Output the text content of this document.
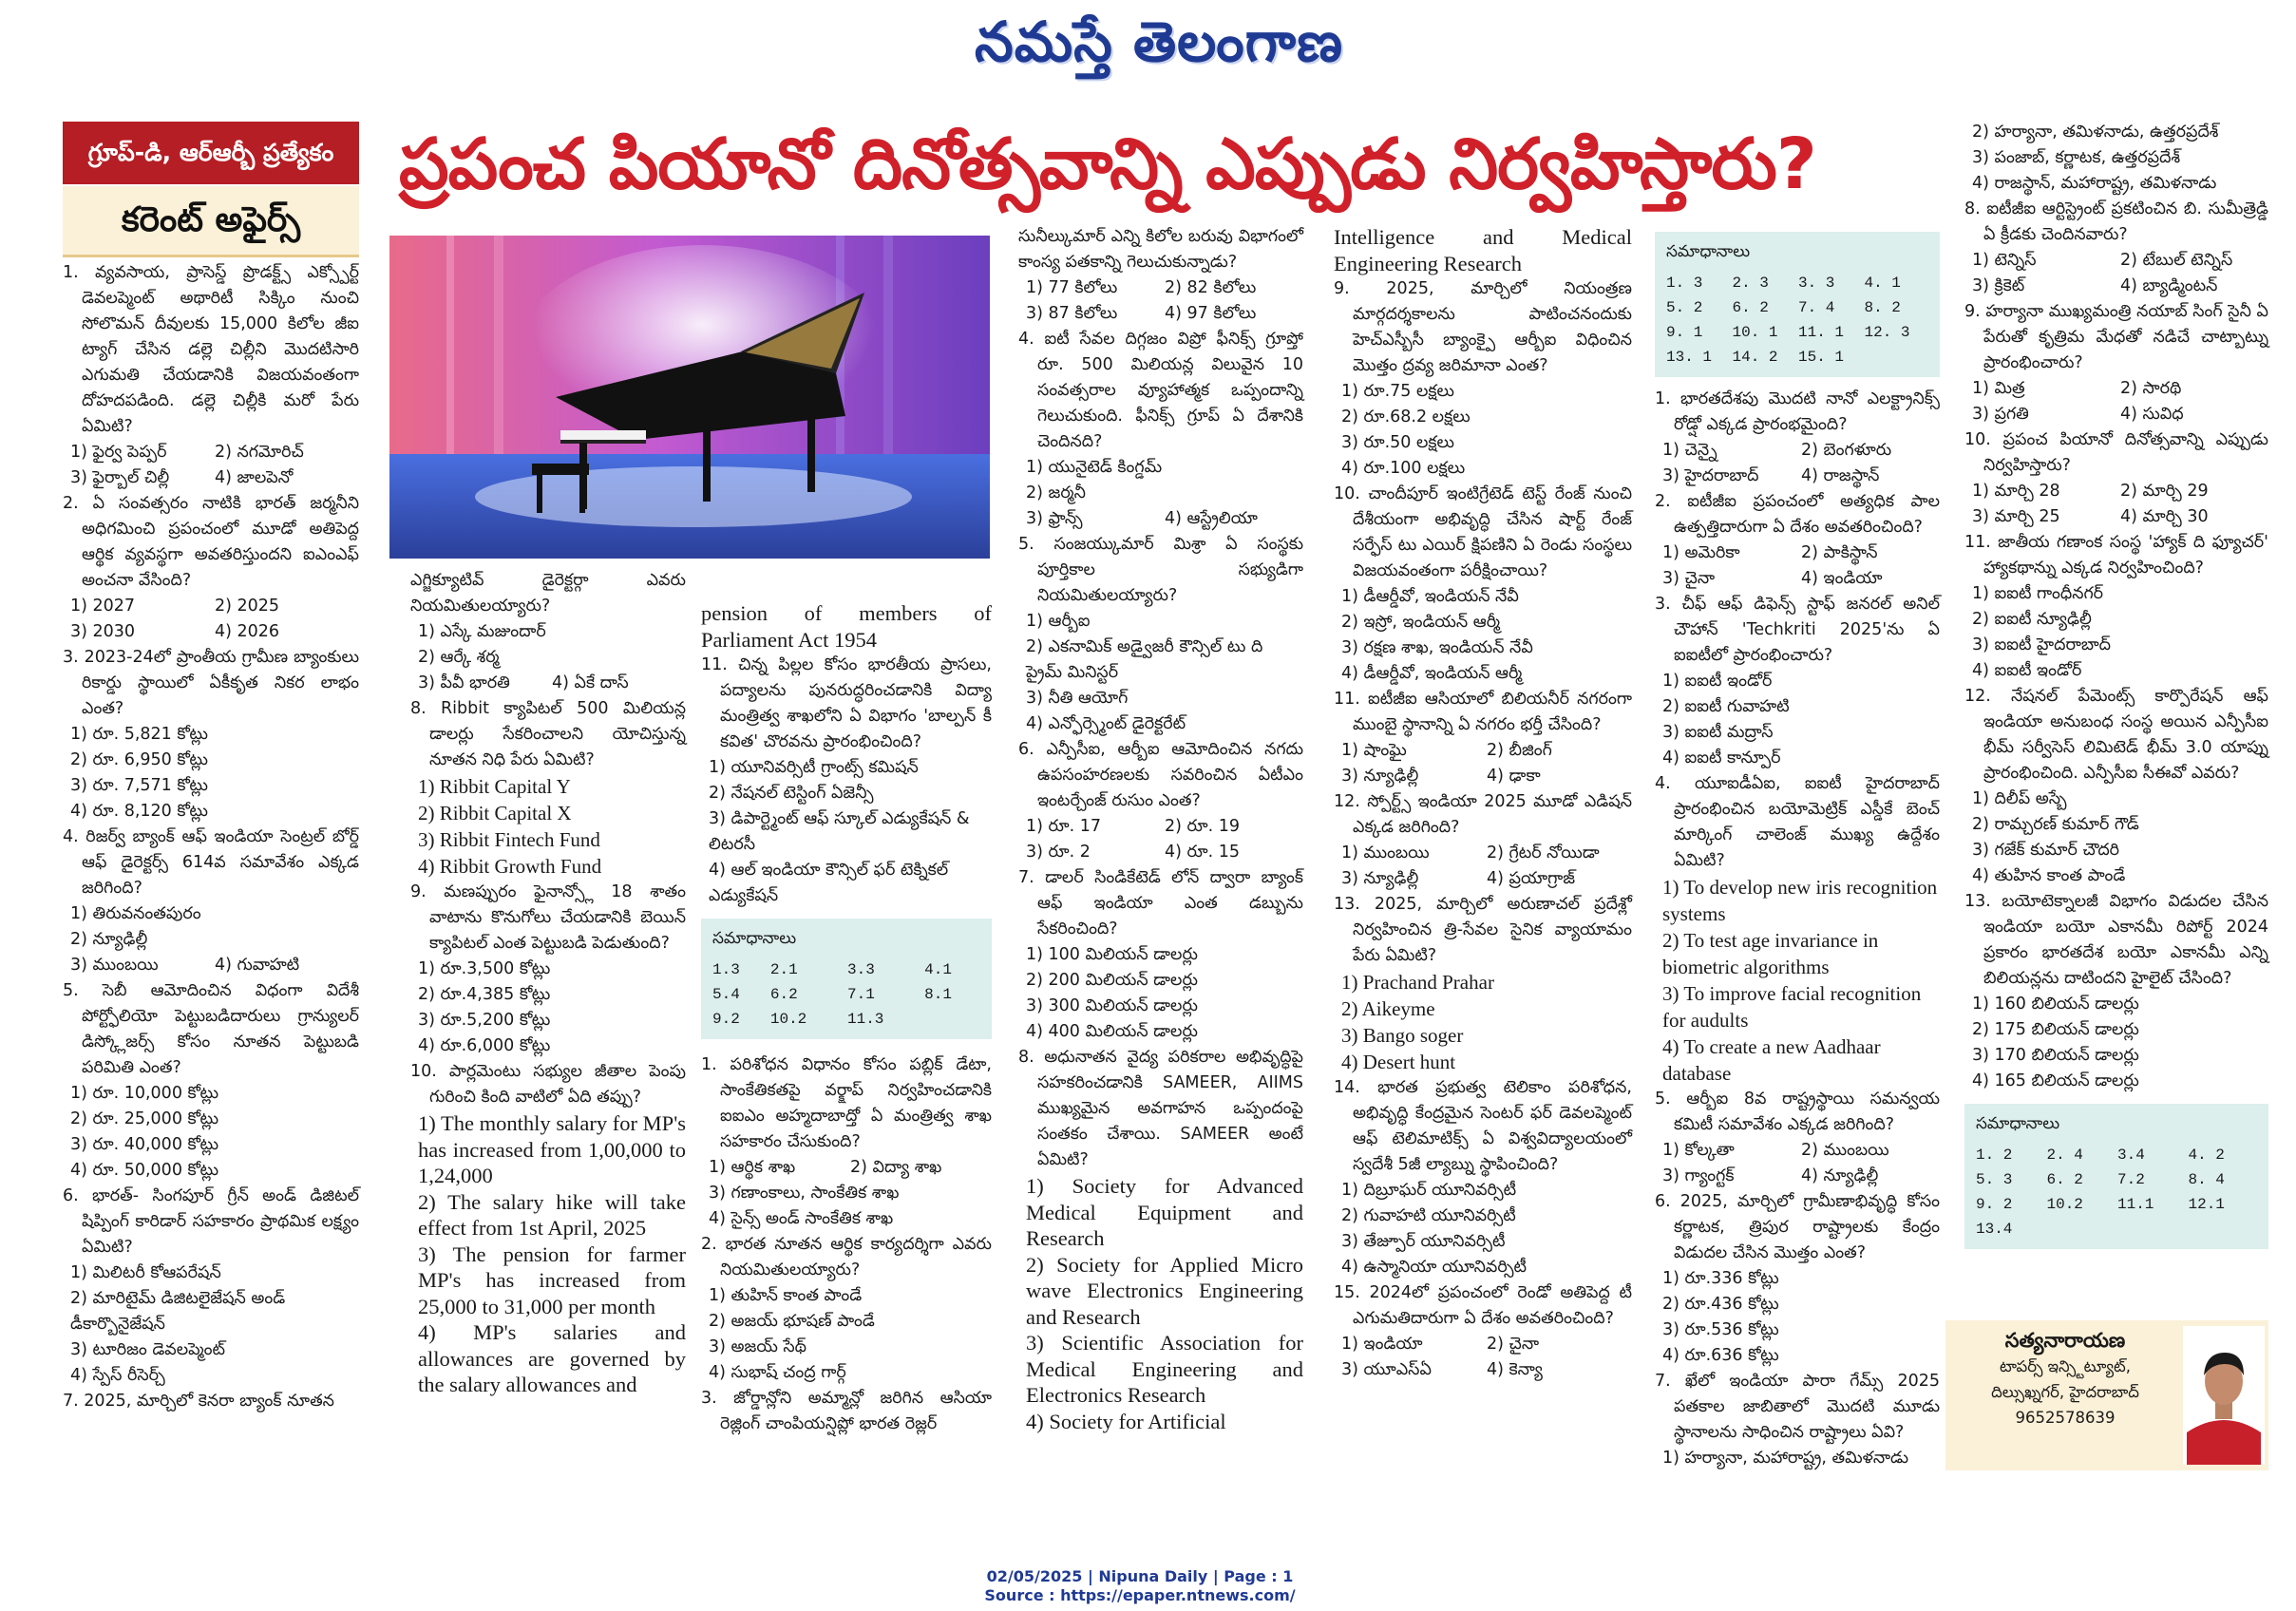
నమస్తే తెలంగాణ
గ్రూప్-డి, ఆర్ఆర్బీ ప్రత్యేకం
కరెంట్ అఫైర్స్
ప్రపంచ పియానో దినోత్సవాన్ని ఎప్పుడు నిర్వహిస్తారు?

1. వ్యవసాయ, ప్రాసెస్డ్ ప్రొడక్ట్స్ ఎక్స్పోర్ట్ డెవలప్మెంట్ అథారిటీ సిక్కిం నుంచి సోలొమన్ దీవులకు 15,000 కిలోల జీఐ ట్యాగ్ చేసిన డల్లె చిల్లీని మొదటిసారి ఎగుమతి చేయడానికి విజయవంతంగా దోహదపడింది. డల్లె చిల్లీకి మరో పేరు ఏమిటి?

1) ఫైర్వ పెప్పర్	2) నగమోరిచ్
3) ఫైర్బాల్ చిల్లీ	4) జాలపెనో

2. ఏ సంవత్సరం నాటికి భారత్ జర్మనీని అధిగమించి ప్రపంచంలో మూడో అతిపెద్ద ఆర్థిక వ్యవస్థగా అవతరిస్తుందని ఐఎంఎఫ్ అంచనా వేసింది?

1) 2027	2) 2025
3) 2030	4) 2026

3. 2023-24లో ప్రాంతీయ గ్రామీణ బ్యాంకులు రికార్డు స్థాయిలో ఏకీకృత నికర లాభం ఎంత?

1) రూ. 5,821 కోట్లు
2) రూ. 6,950 కోట్లు
3) రూ. 7,571 కోట్లు
4) రూ. 8,120 కోట్లు

4. రిజర్వ్ బ్యాంక్ ఆఫ్ ఇండియా సెంట్రల్ బోర్డ్ ఆఫ్ డైరెక్టర్స్ 614వ సమావేశం ఎక్కడ జరిగింది?

1) తిరువనంతపురం
2) న్యూఢిల్లీ
3) ముంబయి	4) గువాహటి

5. సెబీ ఆమోదించిన విధంగా విదేశీ పోర్ట్ఫోలియో పెట్టుబడిదారులు గ్రాన్యులర్ డిస్క్లోజర్స్ కోసం నూతన పెట్టుబడి పరిమితి ఎంత?

1) రూ. 10,000 కోట్లు
2) రూ. 25,000 కోట్లు
3) రూ. 40,000 కోట్లు
4) రూ. 50,000 కోట్లు

6. భారత్- సింగపూర్ గ్రీన్ అండ్ డిజిటల్ షిప్పింగ్ కారిడార్ సహకారం ప్రాథమిక లక్ష్యం ఏమిటి?

1) మిలిటరీ కోఆపరేషన్
2) మారిటైమ్ డిజిటలైజేషన్ అండ్ డీకార్బొనైజేషన్
3) టూరిజం డెవలప్మెంట్
4) స్పేస్ రీసెర్చ్

7. 2025, మార్చిలో కెనరా బ్యాంక్ నూతన

ఎగ్జిక్యూటివ్ డైరెక్టర్గా ఎవరు నియమితులయ్యారు?

1) ఎస్కే మజుందార్
2) ఆర్కే శర్మ
3) పీవీ భారతి	4) ఏకే దాస్

8. Ribbit క్యాపిటల్ 500 మిలియన్ల డాలర్లు సేకరించాలని యోచిస్తున్న నూతన నిధి పేరు ఏమిటి?

1) Ribbit Capital Y
2) Ribbit Capital X
3) Ribbit Fintech Fund
4) Ribbit Growth Fund

9. మణప్పురం ఫైనాన్స్లో 18 శాతం వాటాను కొనుగోలు చేయడానికి బెయిన్ క్యాపిటల్ ఎంత పెట్టుబడి పెడుతుంది?

1) రూ.3,500 కోట్లు
2) రూ.4,385 కోట్లు
3) రూ.5,200 కోట్లు
4) రూ.6,000 కోట్లు

10. పార్లమెంటు సభ్యుల జీతాల పెంపు గురించి కింది వాటిలో ఏది తప్పు?

1) The monthly salary for MP's has increased from 1,00,000 to 1,24,000
2) The salary hike will take effect from 1st April, 2025
3) The pension for farmer MP's has increased from 25,000 to 31,000 per month
4) MP's salaries and allowances are governed by the salary allowances and

pension of members of Parliament Act 1954

11. చిన్న పిల్లల కోసం భారతీయ ప్రాసలు, పద్యాలను పునరుద్ధరించడానికి విద్యా మంత్రిత్వ శాఖలోని ఏ విభాగం 'బాల్పన్ కీ కవిత' చొరవను ప్రారంభించింది?

1) యూనివర్సిటీ గ్రాంట్స్ కమిషన్
2) నేషనల్ టెస్టింగ్ ఏజెన్సీ
3) డిపార్ట్మెంట్ ఆఫ్ స్కూల్ ఎడ్యుకేషన్ & లిటరసీ
4) ఆల్ ఇండియా కౌన్సిల్ ఫర్ టెక్నికల్ ఎడ్యుకేషన్
సమాధానాలు
1.3	2.1	3.3	4.1
5.4	6.2	7.1	8.1
9.2	10.2	11.3	

1. పరిశోధన విధానం కోసం పబ్లిక్ డేటా, సాంకేతికతపై వర్క్షాప్ నిర్వహించడానికి ఐఐఎం అహ్మదాబాద్తో ఏ మంత్రిత్వ శాఖ సహకారం చేసుకుంది?

1) ఆర్థిక శాఖ	2) విద్యా శాఖ
3) గణాంకాలు, సాంకేతిక శాఖ
4) సైన్స్ అండ్ సాంకేతిక శాఖ

2. భారత నూతన ఆర్థిక కార్యదర్శిగా ఎవరు నియమితులయ్యారు?

1) తుహిన్ కాంత పాండే
2) అజయ్ భూషణ్ పాండే
3) అజయ్ సేథ్
4) సుభాష్ చంద్ర గార్గ్

3. జోర్డాన్లోని అమ్మాన్లో జరిగిన ఆసియా రెజ్లింగ్ చాంపియన్షిప్లో భారత రెజ్లర్

సునీల్కుమార్ ఎన్ని కిలోల బరువు విభాగంలో కాంస్య పతకాన్ని గెలుచుకున్నాడు?

1) 77 కిలోలు	2) 82 కిలోలు
3) 87 కిలోలు	4) 97 కిలోలు

4. ఐటీ సేవల దిగ్గజం విప్రో ఫీనిక్స్ గ్రూప్తో రూ. 500 మిలియన్ల విలువైన 10 సంవత్సరాల వ్యూహాత్మక ఒప్పందాన్ని గెలుచుకుంది. ఫీనిక్స్ గ్రూప్ ఏ దేశానికి చెందినది?

1) యునైటెడ్ కింగ్డమ్
2) జర్మనీ
3) ఫ్రాన్స్	4) ఆస్ట్రేలియా

5. సంజయ్కుమార్ మిశ్రా ఏ సంస్థకు పూర్తికాల సభ్యుడిగా నియమితులయ్యారు?

1) ఆర్బీఐ
2) ఎకనామిక్ అడ్వైజరీ కౌన్సిల్ టు ది ప్రైమ్ మినిస్టర్
3) నీతి ఆయోగ్
4) ఎన్ఫోర్స్మెంట్ డైరెక్టరేట్

6. ఎన్పీసీఐ, ఆర్బీఐ ఆమోదించిన నగదు ఉపసంహరణలకు సవరించిన ఏటీఎం ఇంటర్చేంజ్ రుసుం ఎంత?

1) రూ. 17	2) రూ. 19
3) రూ. 2	4) రూ. 15

7. డాలర్ సిండికేటెడ్ లోన్ ద్వారా బ్యాంక్ ఆఫ్ ఇండియా ఎంత డబ్బును సేకరించింది?

1) 100 మిలియన్ డాలర్లు
2) 200 మిలియన్ డాలర్లు
3) 300 మిలియన్ డాలర్లు
4) 400 మిలియన్ డాలర్లు

8. అధునాతన వైద్య పరికరాల అభివృద్ధిపై సహకరించడానికి SAMEER, AIIMS ముఖ్యమైన అవగాహన ఒప్పందంపై సంతకం చేశాయి. SAMEER అంటే ఏమిటి?

1) Society for Advanced Medical Equipment and Research
2) Society for Applied Micro wave Electronics Engineering and Research
3) Scientific Association for Medical Engineering and Electronics Research
4) Society for Artificial

Intelligence and Medical Engineering Research

9. 2025, మార్చిలో నియంత్రణ మార్గదర్శకాలను పాటించనందుకు హెచ్ఎస్బీసీ బ్యాంక్పై ఆర్బీఐ విధించిన మొత్తం ద్రవ్య జరిమానా ఎంత?

1) రూ.75 లక్షలు
2) రూ.68.2 లక్షలు
3) రూ.50 లక్షలు
4) రూ.100 లక్షలు

10. చాందీపూర్ ఇంటిగ్రేటెడ్ టెస్ట్ రేంజ్ నుంచి దేశీయంగా అభివృద్ధి చేసిన షార్ట్ రేంజ్ సర్ఫేస్ టు ఎయిర్ క్షిపణిని ఏ రెండు సంస్థలు విజయవంతంగా పరీక్షించాయి?

1) డీఆర్డీవో, ఇండియన్ నేవీ
2) ఇస్రో, ఇండియన్ ఆర్మీ
3) రక్షణ శాఖ, ఇండియన్ నేవీ
4) డీఆర్డీవో, ఇండియన్ ఆర్మీ

11. ఐటీజీఐ ఆసియాలో బిలియనీర్ నగరంగా ముంబై స్థానాన్ని ఏ నగరం భర్తీ చేసింది?

1) షాంఘై	2) బీజింగ్
3) న్యూఢిల్లీ	4) ఢాకా

12. స్పోర్ట్స్ ఇండియా 2025 మూడో ఎడిషన్ ఎక్కడ జరిగింది?

1) ముంబయి	2) గ్రేటర్ నోయిడా
3) న్యూఢిల్లీ	4) ప్రయాగ్రాజ్

13. 2025, మార్చిలో అరుణాచల్ ప్రదేశ్లో నిర్వహించిన త్రి-సేవల సైనిక వ్యాయామం పేరు ఏమిటి?

1) Prachand Prahar
2) Aikeyme
3) Bango soger
4) Desert hunt

14. భారత ప్రభుత్వ టెలికాం పరిశోధన, అభివృద్ధి కేంద్రమైన సెంటర్ ఫర్ డెవలప్మెంట్ ఆఫ్ టెలిమాటిక్స్ ఏ విశ్వవిద్యాలయంలో స్వదేశీ 5జీ ల్యాబ్ను స్థాపించింది?

1) దిబ్రూఘర్ యూనివర్సిటీ
2) గువాహటి యూనివర్సిటీ
3) తేజ్పూర్ యూనివర్సిటీ
4) ఉస్మానియా యూనివర్సిటీ

15. 2024లో ప్రపంచంలో రెండో అతిపెద్ద టీ ఎగుమతిదారుగా ఏ దేశం అవతరించింది?

1) ఇండియా	2) చైనా
3) యూఎస్ఏ	4) కెన్యా
సమాధానాలు
1. 3	2. 3	3. 3	4. 1
5. 2	6. 2	7. 4	8. 2
9. 1	10. 1	11. 1	12. 3
13. 1	14. 2	15. 1	

1. భారతదేశపు మొదటి నానో ఎలక్ట్రానిక్స్ రోడ్షో ఎక్కడ ప్రారంభమైంది?

1) చెన్నై	2) బెంగళూరు
3) హైదరాబాద్	4) రాజస్థాన్

2. ఐటీజీఐ ప్రపంచంలో అత్యధిక పాల ఉత్పత్తిదారుగా ఏ దేశం అవతరించింది?

1) అమెరికా	2) పాకిస్థాన్
3) చైనా	4) ఇండియా

3. చీఫ్ ఆఫ్ డిఫెన్స్ స్టాఫ్ జనరల్ అనిల్ చౌహాన్ 'Techkriti 2025'ను ఏ ఐఐటీలో ప్రారంభించారు?

1) ఐఐటీ ఇండోర్
2) ఐఐటీ గువాహటి
3) ఐఐటీ మద్రాస్
4) ఐఐటీ కాన్పూర్

4. యూఐడీఏఐ, ఐఐటీ హైదరాబాద్ ప్రారంభించిన బయోమెట్రిక్ ఎస్డీకే బెంచ్ మార్కింగ్ చాలెంజ్ ముఖ్య ఉద్దేశం ఏమిటి?

1) To develop new iris recognition systems
2) To test age invariance in biometric algorithms
3) To improve facial recognition for audults
4) To create a new Aadhaar database

5. ఆర్బీఐ 8వ రాష్ట్రస్థాయి సమన్వయ కమిటీ సమావేశం ఎక్కడ జరిగింది?

1) కోల్కతా	2) ముంబయి
3) గ్యాంగ్టక్	4) న్యూఢిల్లీ

6. 2025, మార్చిలో గ్రామీణాభివృద్ధి కోసం కర్ణాటక, త్రిపుర రాష్ట్రాలకు కేంద్రం విడుదల చేసిన మొత్తం ఎంత?

1) రూ.336 కోట్లు
2) రూ.436 కోట్లు
3) రూ.536 కోట్లు
4) రూ.636 కోట్లు

7. ఖేలో ఇండియా పారా గేమ్స్ 2025 పతకాల జాబితాలో మొదటి మూడు స్థానాలను సాధించిన రాష్ట్రాలు ఏవి?

1) హర్యానా, మహారాష్ట్ర, తమిళనాడు
2) హర్యానా, తమిళనాడు, ఉత్తరప్రదేశ్
3) పంజాబ్, కర్ణాటక, ఉత్తరప్రదేశ్
4) రాజస్థాన్, మహారాష్ట్ర, తమిళనాడు

8. ఐటీజీఐ ఆర్టిస్ట్రెంట్ ప్రకటించిన బి. సుమీత్రెడ్డి ఏ క్రీడకు చెందినవారు?

1) టెన్నిస్	2) టేబుల్ టెన్నిస్
3) క్రికెట్	4) బ్యాడ్మింటన్

9. హర్యానా ముఖ్యమంత్రి నయాబ్ సింగ్ సైనీ ఏ పేరుతో కృత్రిమ మేధతో నడిచే చాట్బాట్ను ప్రారంభించారు?

1) మిత్ర	2) సారథి
3) ప్రగతి	4) సువిధ

10. ప్రపంచ పియానో దినోత్సవాన్ని ఎప్పుడు నిర్వహిస్తారు?

1) మార్చి 28	2) మార్చి 29
3) మార్చి 25	4) మార్చి 30

11. జాతీయ గణాంక సంస్థ 'హ్యాక్ ది ఫ్యూచర్' హ్యాకథాన్ను ఎక్కడ నిర్వహించింది?

1) ఐఐటీ గాంధీనగర్
2) ఐఐటీ న్యూఢిల్లీ
3) ఐఐటీ హైదరాబాద్
4) ఐఐటీ ఇండోర్

12. నేషనల్ పేమెంట్స్ కార్పొరేషన్ ఆఫ్ ఇండియా అనుబంధ సంస్థ అయిన ఎన్పీసీఐ భీమ్ సర్వీసెస్ లిమిటెడ్ భీమ్ 3.0 యాప్ను ప్రారంభించింది. ఎన్పీసీఐ సీఈవో ఎవరు?

1) దిలీప్ అస్బే
2) రామ్చరణ్ కుమార్ గౌడ్
3) గజేక్ కుమార్ చౌదరి
4) తుహిన కాంత పాండే

13. బయోటెక్నాలజీ విభాగం విడుదల చేసిన ఇండియా బయో ఎకానమీ రిపోర్ట్ 2024 ప్రకారం భారతదేశ బయో ఎకానమీ ఎన్ని బిలియన్లను దాటిందని హైలైట్ చేసింది?

1) 160 బిలియన్ డాలర్లు
2) 175 బిలియన్ డాలర్లు
3) 170 బిలియన్ డాలర్లు
4) 165 బిలియన్ డాలర్లు
సమాధానాలు
1. 2	2. 4	3.4	4. 2
5. 3	6. 2	7.2	8. 4
9. 2	10.2	11.1	12.1
13.4			
సత్యనారాయణ
టాపర్స్ ఇన్స్టిట్యూట్,
దిల్సుఖ్నగర్, హైదరాబాద్
9652578639
02/05/2025 | Nipuna Daily | Page : 1
Source : https://epaper.ntnews.com/
